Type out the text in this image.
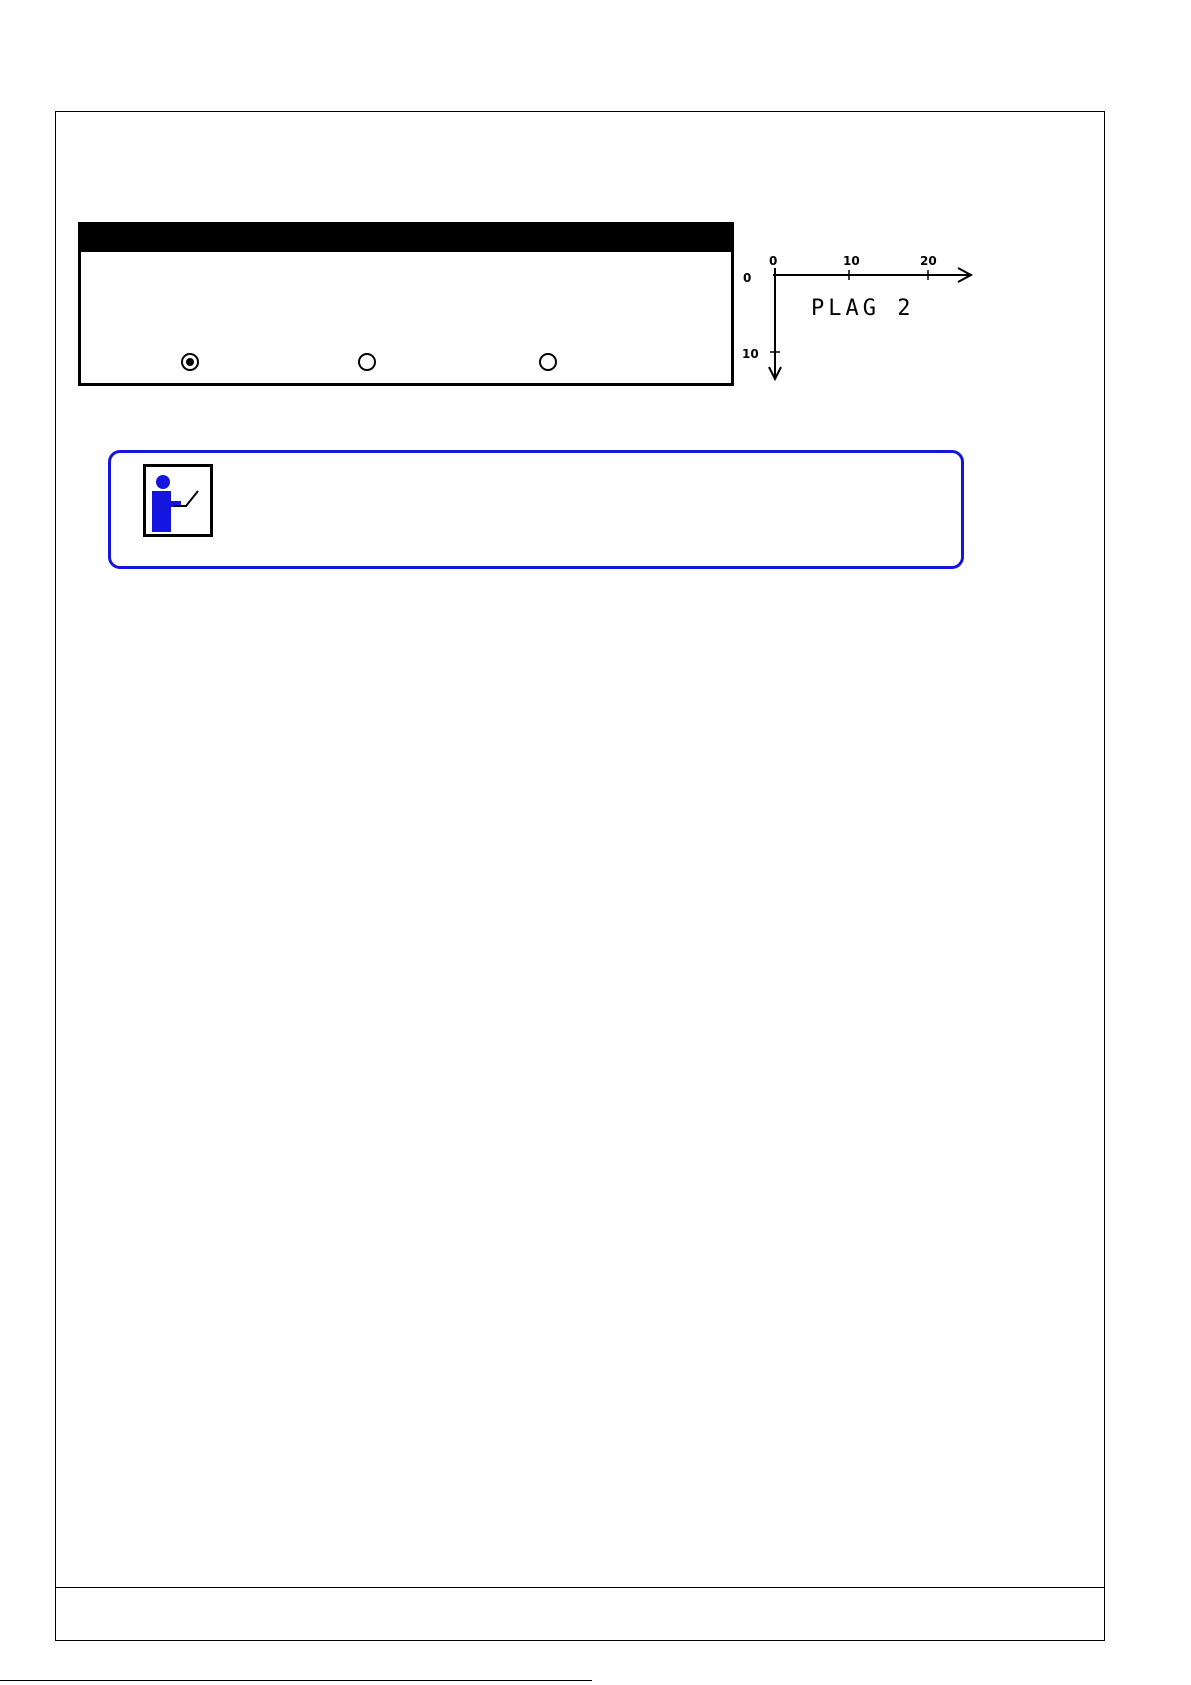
0	10	20
0
10
PLAG 2
